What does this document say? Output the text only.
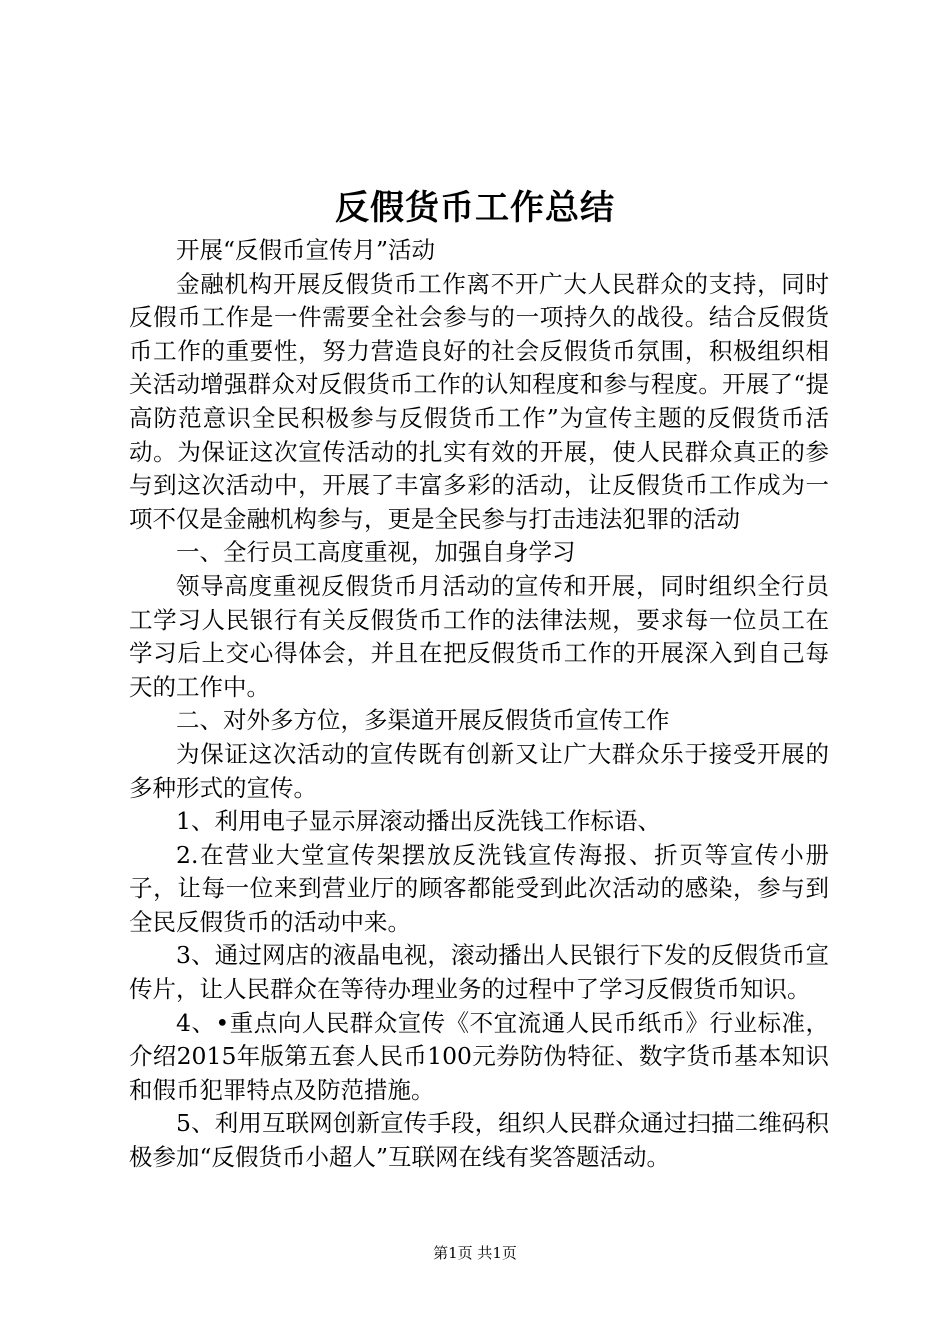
反假货币工作总结

开展“反假币宣传月”活动

金融机构开展反假货币工作离不开广大人民群众的支持，同时反假币工作是一件需要全社会参与的一项持久的战役。结合反假货币工作的重要性，努力营造良好的社会反假货币氛围，积极组织相关活动增强群众对反假货币工作的认知程度和参与程度。开展了“提高防范意识全民积极参与反假货币工作”为宣传主题的反假货币活动。为保证这次宣传活动的扎实有效的开展，使人民群众真正的参与到这次活动中，开展了丰富多彩的活动，让反假货币工作成为一项不仅是金融机构参与，更是全民参与打击违法犯罪的活动

一、全行员工高度重视，加强自身学习

领导高度重视反假货币月活动的宣传和开展，同时组织全行员工学习人民银行有关反假货币工作的法律法规，要求每一位员工在学习后上交心得体会，并且在把反假货币工作的开展深入到自己每天的工作中。

二、对外多方位，多渠道开展反假货币宣传工作

为保证这次活动的宣传既有创新又让广大群众乐于接受开展的多种形式的宣传。

1、利用电子显示屏滚动播出反洗钱工作标语、

2.在营业大堂宣传架摆放反洗钱宣传海报、折页等宣传小册子，让每一位来到营业厅的顾客都能受到此次活动的感染，参与到全民反假货币的活动中来。

3、通过网店的液晶电视，滚动播出人民银行下发的反假货币宣传片，让人民群众在等待办理业务的过程中了学习反假货币知识。

4、•重点向人民群众宣传《不宜流通人民币纸币》行业标准，介绍2015年版第五套人民币100元券防伪特征、数字货币基本知识和假币犯罪特点及防范措施。

5、利用互联网创新宣传手段，组织人民群众通过扫描二维码积极参加“反假货币小超人”互联网在线有奖答题活动。

第1页 共1页
